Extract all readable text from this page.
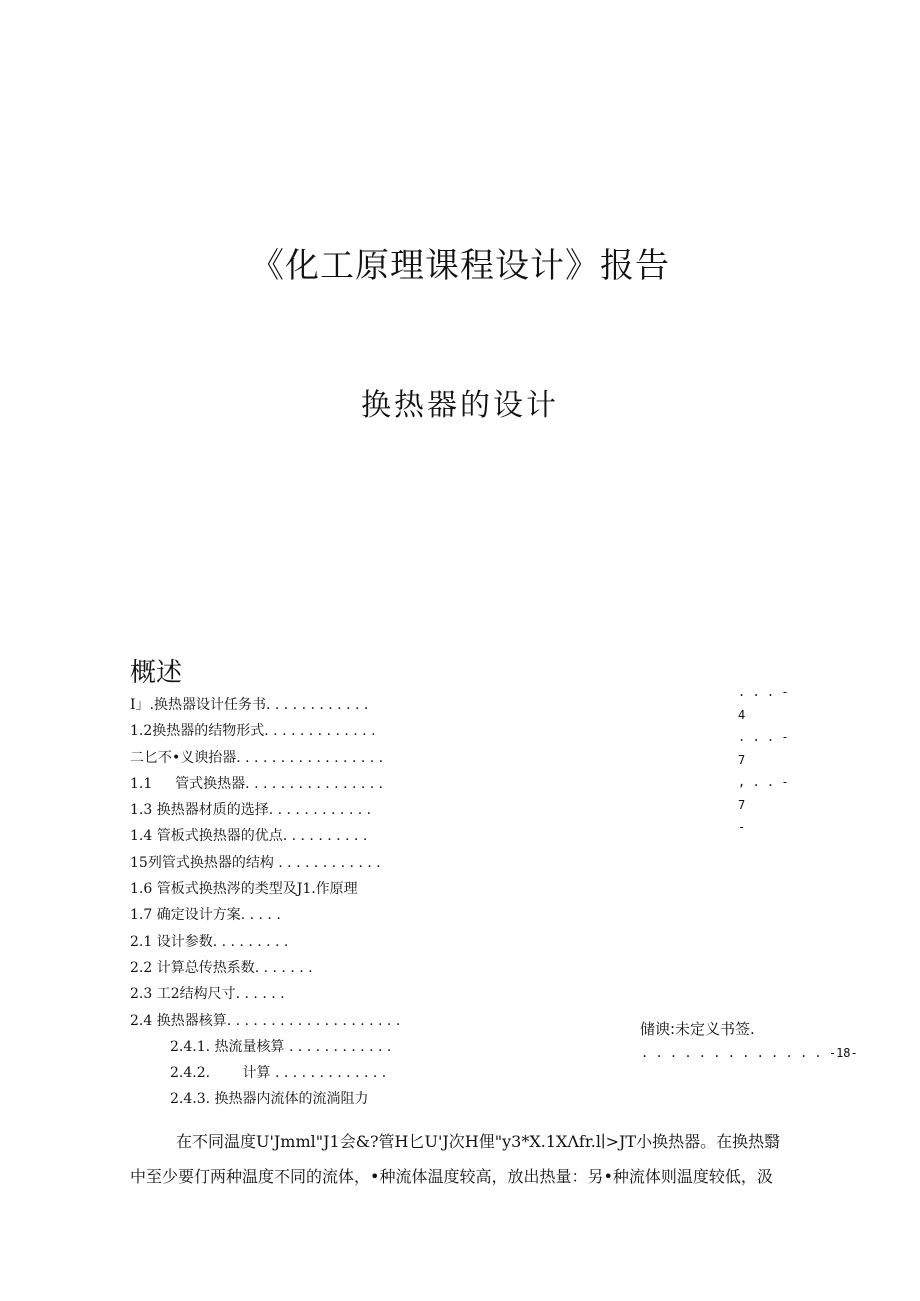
《化工原理课程设计》报告
换热器的设计
概述
I」.换热器设计任务书. . . . . . . . . . . .
1.2换热器的结物形式. . . . . . . . . . . . .
二匕不•义谀抬器. . . . . . . . . . . . . . . . .
1.1 　 管式换热器. . . . . . . . . . . . . . . .
1.3 换热器材质的选择. . . . . . . . . . . .
1.4 管板式换热器的优点. . . . . . . . . .
15列管式换热器的结构 . . . . . . . . . . . .
1.6 管板式换热涔的类型及J1.作原理
1.7 确定设计方案. . . . .
2.1 设计参数. . . . . . . . .
2.2 计算总传热系数. . . . . . .
2.3 工2结构尺寸. . . . . .
2.4 换热器核算. . . . . . . . . . . . . . . . . . . .
2.4.1. 热流量核算 . . . . . . . . . . . .
2.4.2. 　　计算 . . . . . . . . . . . . .
2.4.3. 换热器内流体的流淌阻力
. . . -
4
. . . -
7
, . . -
7
-
储谀:未定义书签.
. . . . . . . . . . . . . -18-

在不同温度U'Jmml"J1会&?管H匕U'J次H俚"y3*X.1XΛfr.l∣>JT小换热器。在换热翳中至少要仃两种温度不同的流体，•种流体温度较高，放出热量：另•种流体则温度较低，汲
